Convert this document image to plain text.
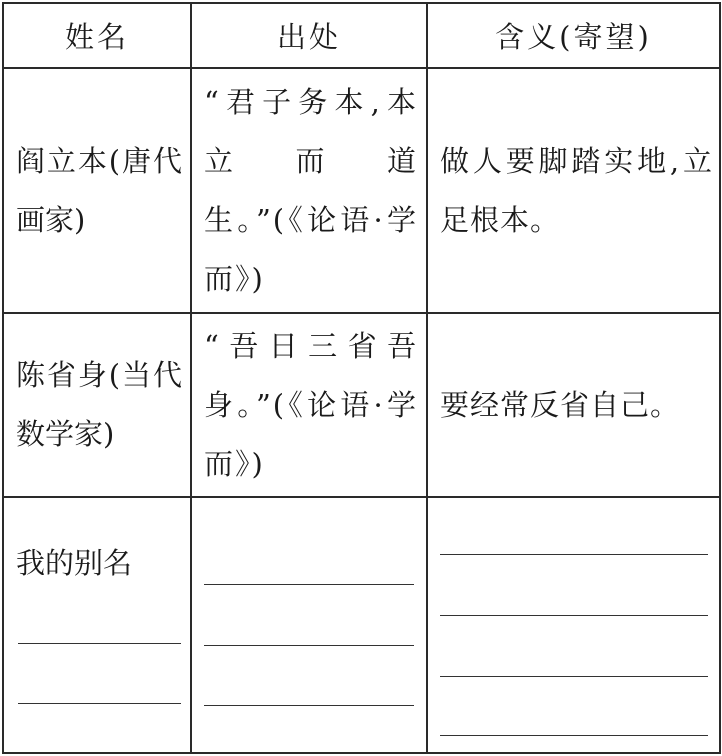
姓名	出处	含义(寄望)

阎立本(唐代画家)	“君子务本,本立而道生。”(《论语·学而》)	做人要脚踏实地,立足根本。

陈省身(当代数学家)	“吾日三省吾身。”(《论语·学而》)	要经常反省自己。

我的别名		
